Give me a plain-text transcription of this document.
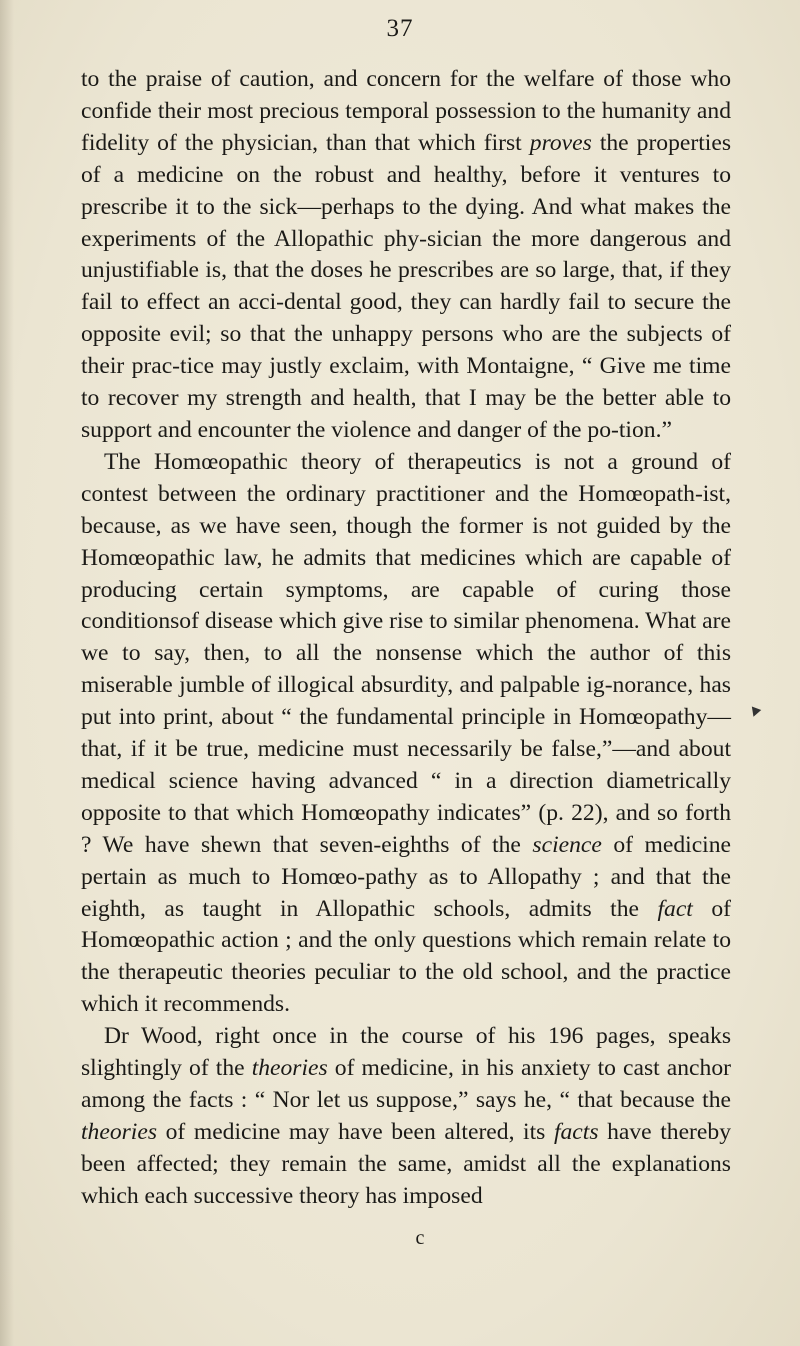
37

to the praise of caution, and concern for the welfare of those who confide their most precious temporal possession to the humanity and fidelity of the physician, than that which first proves the properties of a medicine on the robust and healthy, before it ventures to prescribe it to the sick—perhaps to the dying. And what makes the experiments of the Allopathic phy-sician the more dangerous and unjustifiable is, that the doses he prescribes are so large, that, if they fail to effect an acci-dental good, they can hardly fail to secure the opposite evil; so that the unhappy persons who are the subjects of their prac-tice may justly exclaim, with Montaigne, “ Give me time to recover my strength and health, that I may be the better able to support and encounter the violence and danger of the po-tion.”

The Homœopathic theory of therapeutics is not a ground of contest between the ordinary practitioner and the Homœopath-ist, because, as we have seen, though the former is not guided by the Homœopathic law, he admits that medicines which are capable of producing certain symptoms, are capable of curing those conditionsof disease which give rise to similar phenomena. What are we to say, then, to all the nonsense which the author of this miserable jumble of illogical absurdity, and palpable ig-norance, has put into print, about “ the fundamental principle in Homœopathy—that, if it be true, medicine must necessarily be false,”—and about medical science having advanced “ in a direction diametrically opposite to that which Homœopathy indicates” (p. 22), and so forth ? We have shewn that seven-eighths of the science of medicine pertain as much to Homœo-pathy as to Allopathy ; and that the eighth, as taught in Allopathic schools, admits the fact of Homœopathic action ; and the only questions which remain relate to the therapeutic theories peculiar to the old school, and the practice which it recommends.

Dr Wood, right once in the course of his 196 pages, speaks slightingly of the theories of medicine, in his anxiety to cast anchor among the facts : “ Nor let us suppose,” says he, “ that because the theories of medicine may have been altered, its facts have thereby been affected; they remain the same, amidst all the explanations which each successive theory has imposed

c
